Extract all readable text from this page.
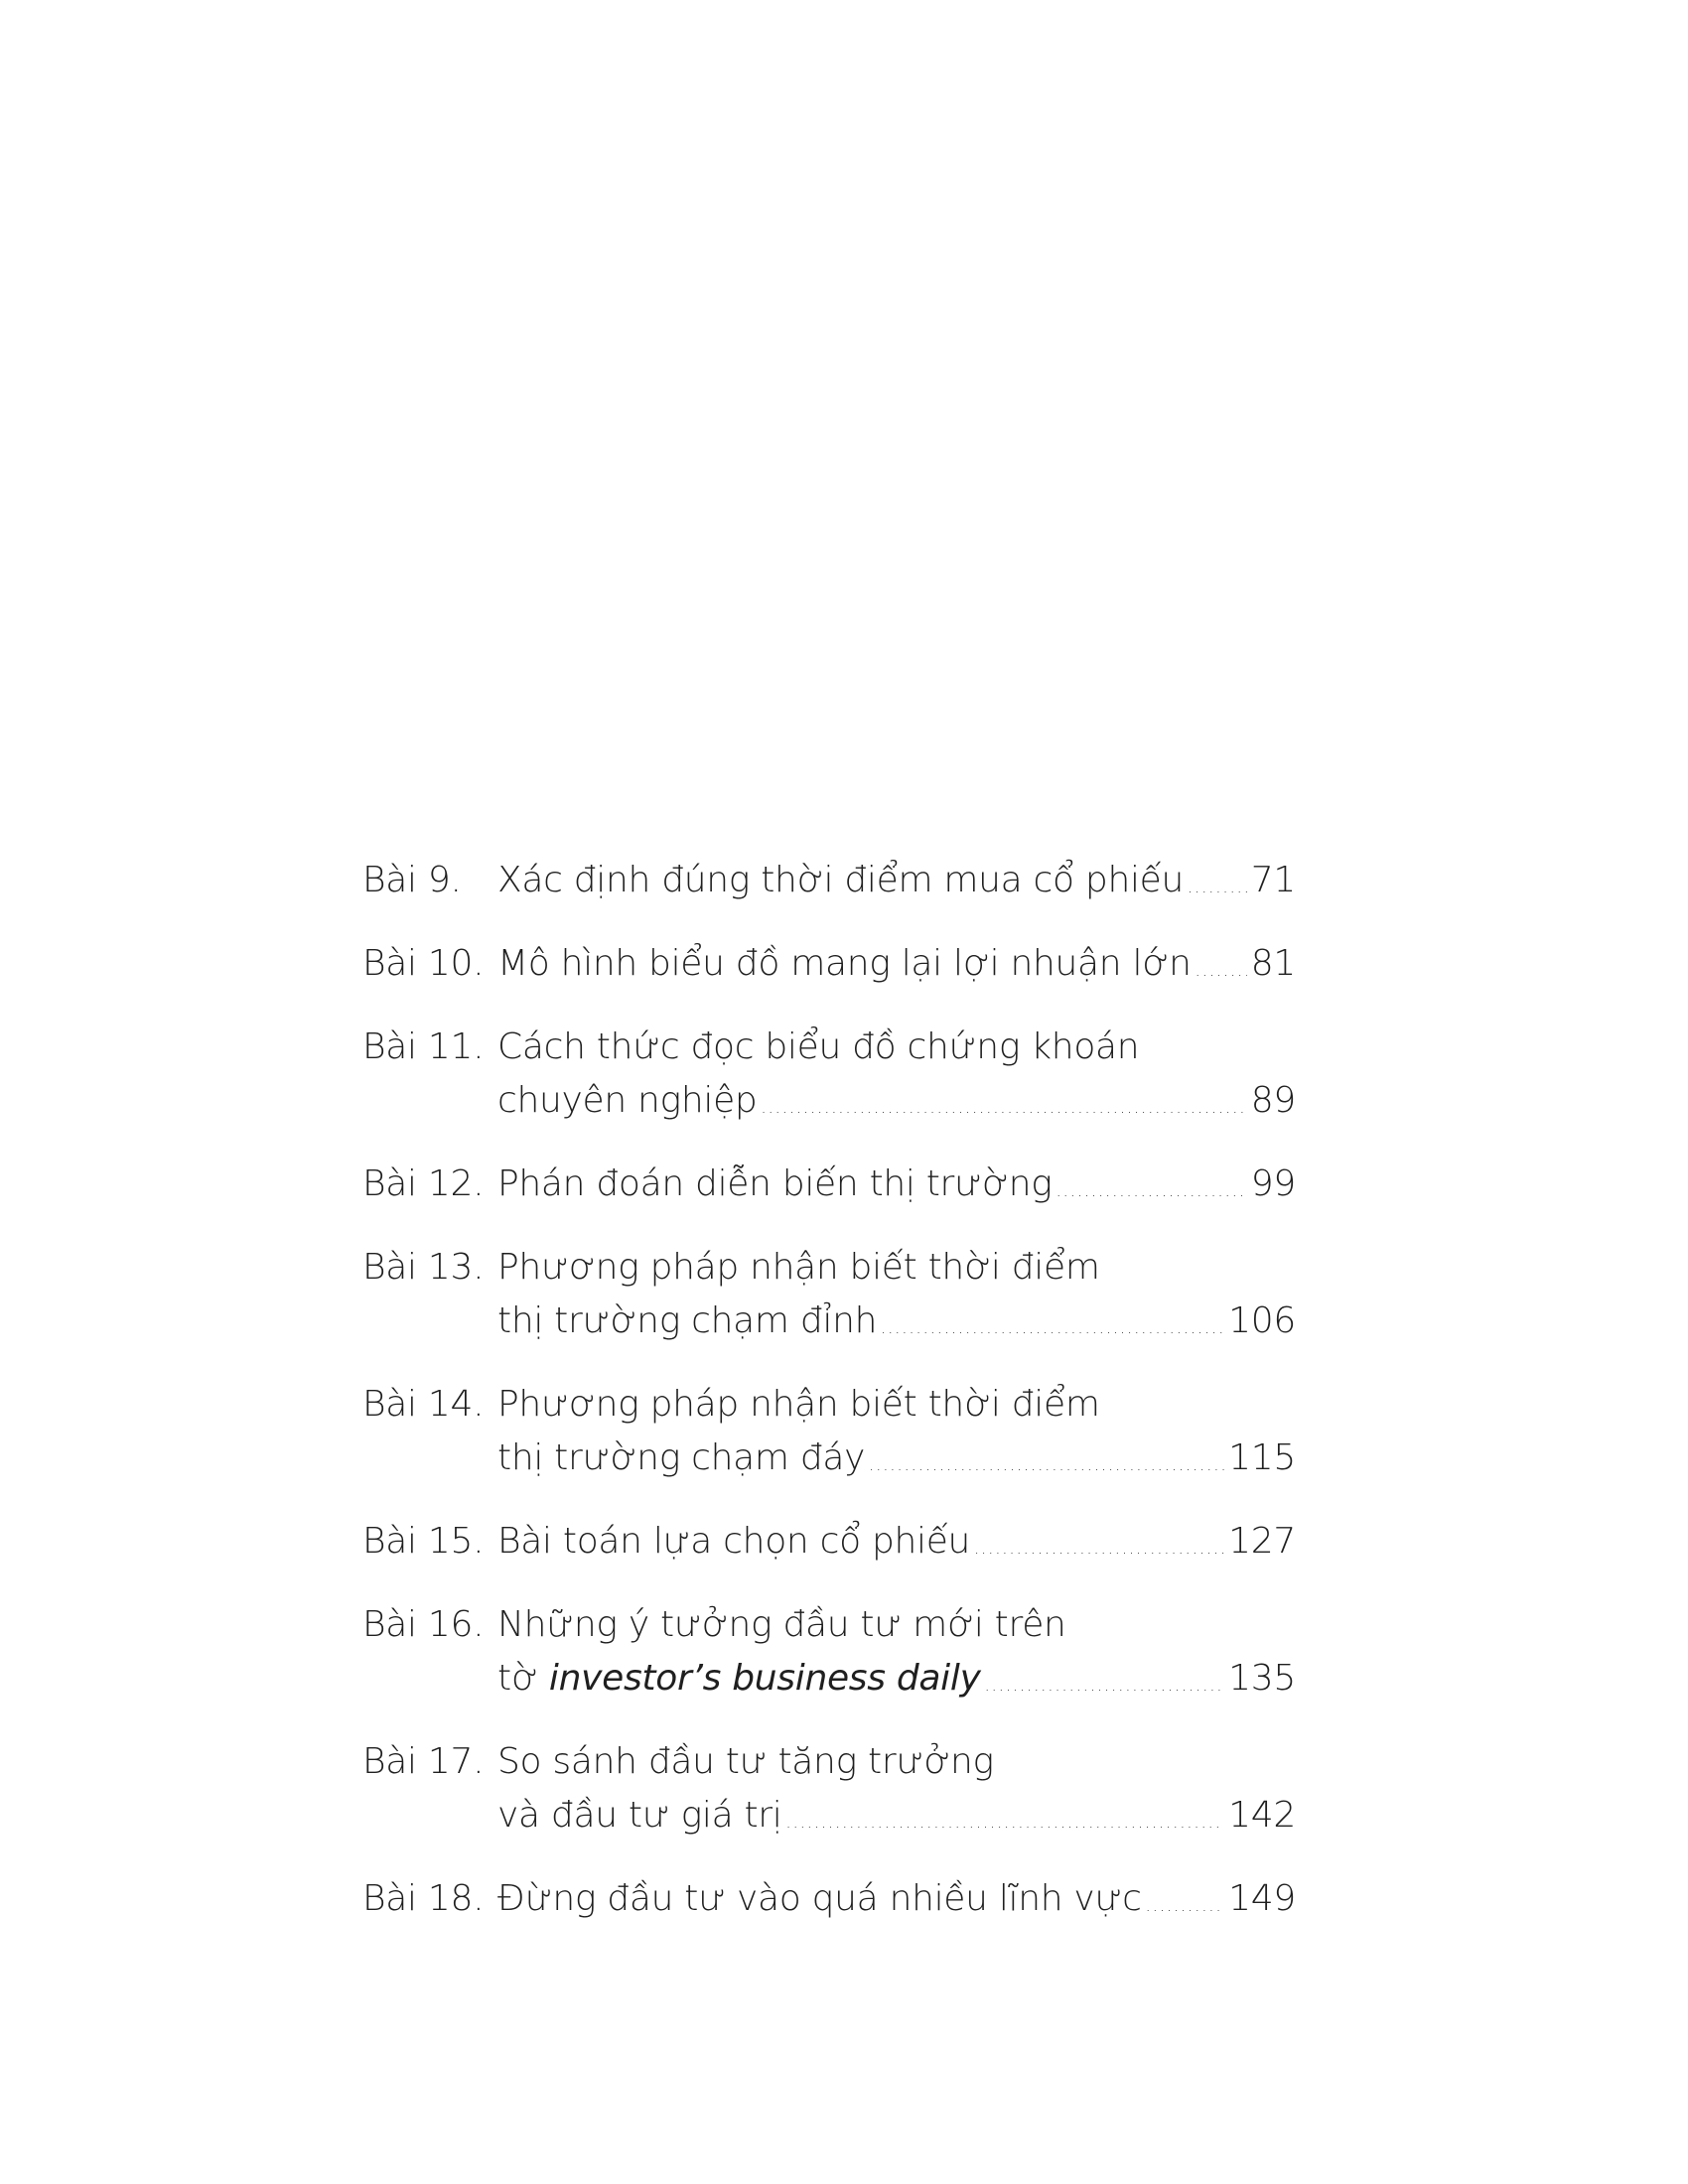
Bài 9.	Xác định đúng thời điểm mua cổ phiếu ..... 71
Bài 10. Mô hình biểu đồ mang lại lợi nhuận lớn ..... 81
Bài 11. Cách thức đọc biểu đồ chứng khoán
chuyên nghiệp .....	89
Bài 12. Phán đoán diễn biến thị trường .....	99
Bài 13. Phương pháp nhận biết thời điểm
thị trường chạm đỉnh .....	106
Bài 14. Phương pháp nhận biết thời điểm
thị trường chạm đáy .....	115
Bài 15. Bài toán lựa chọn cổ phiếu .....	127
Bài 16. Những ý tưởng đầu tư mới trên
tờ investor’s business daily .....	135
Bài 17. So sánh đầu tư tăng trưởng
và đầu tư giá trị .....	142
Bài 18. Đừng đầu tư vào quá nhiều lĩnh vực ..... 149
